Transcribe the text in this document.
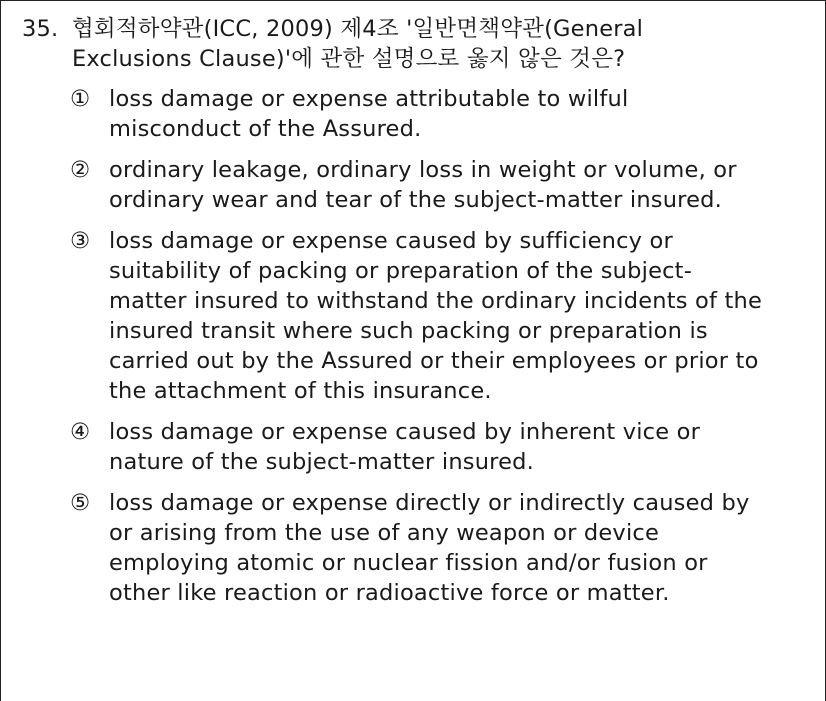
35. 협회적하약관(ICC, 2009) 제4조 '일반면책약관(General Exclusions Clause)'에 관한 설명으로 옳지 않은 것은?
① loss damage or expense attributable to wilful misconduct of the Assured.
② ordinary leakage, ordinary loss in weight or volume, or ordinary wear and tear of the subject-matter insured.
③ loss damage or expense caused by sufficiency or suitability of packing or preparation of the subject-matter insured to withstand the ordinary incidents of the insured transit where such packing or preparation is carried out by the Assured or their employees or prior to the attachment of this insurance.
④ loss damage or expense caused by inherent vice or nature of the subject-matter insured.
⑤ loss damage or expense directly or indirectly caused by or arising from the use of any weapon or device employing atomic or nuclear fission and/or fusion or other like reaction or radioactive force or matter.
